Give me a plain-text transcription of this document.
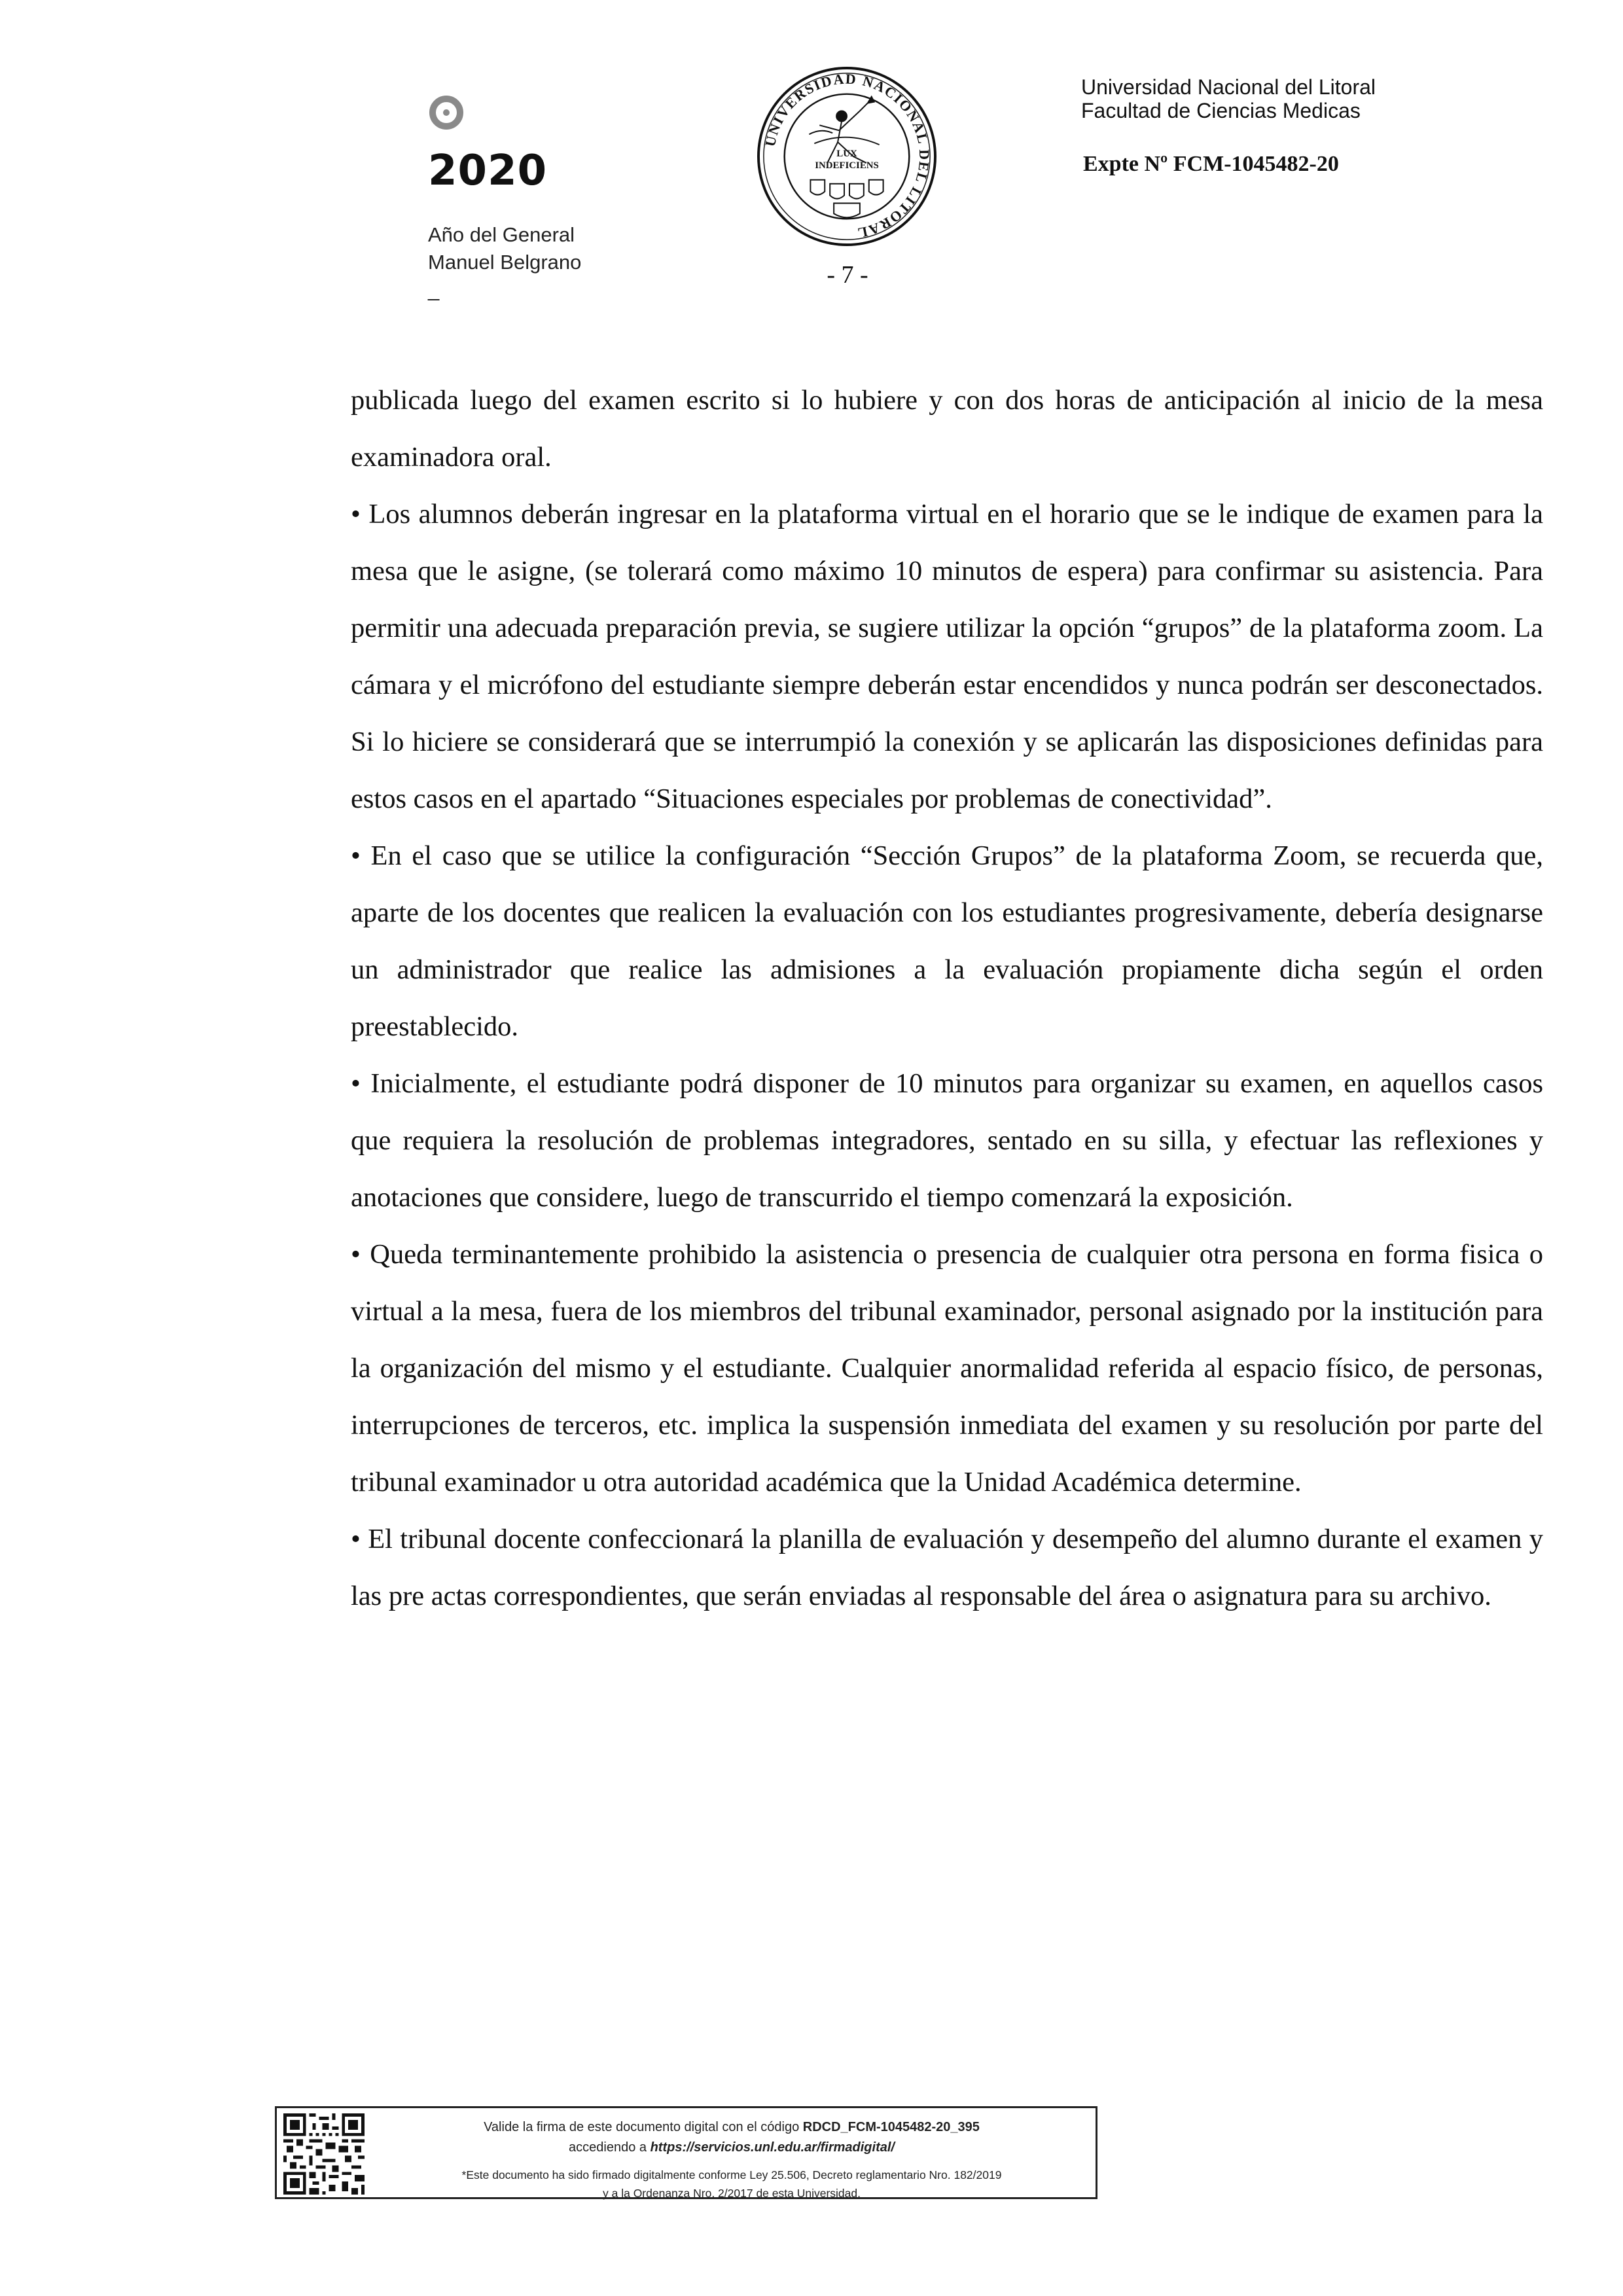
2020
Año del General
Manuel Belgrano
_
UNIVERSIDAD NACIONAL DEL LITORAL
LUX
INDEFICIENS
- 7 -
Universidad Nacional del Litoral
Facultad de Ciencias Medicas
Expte Nº FCM-1045482-20

publicada luego del examen escrito si lo hubiere y con dos horas de anticipación al inicio de la mesa examinadora oral.

• Los alumnos deberán ingresar en la plataforma virtual en el horario que se le indique de examen para la mesa que le asigne, (se tolerará como máximo 10 minutos de espera) para confirmar su asistencia. Para permitir una adecuada preparación previa, se sugiere utilizar la opción “grupos” de la plataforma zoom. La cámara y el micrófono del estudiante siempre deberán estar encendidos y nunca podrán ser desconectados. Si lo hiciere se considerará que se interrumpió la conexión y se aplicarán las disposiciones definidas para estos casos en el apartado “Situaciones especiales por problemas de conectividad”.

• En el caso que se utilice la configuración “Sección Grupos” de la plataforma Zoom, se recuerda que, aparte de los docentes que realicen la evaluación con los estudiantes progresivamente, debería designarse un administrador que realice las admisiones a la evaluación propiamente dicha según el orden preestablecido.

• Inicialmente, el estudiante podrá disponer de 10 minutos para organizar su examen, en aquellos casos que requiera la resolución de problemas integradores, sentado en su silla, y efectuar las reflexiones y anotaciones que considere, luego de transcurrido el tiempo comenzará la exposición.

• Queda terminantemente prohibido la asistencia o presencia de cualquier otra persona en forma fisica o virtual a la mesa, fuera de los miembros del tribunal examinador, personal asignado por la institución para la organización del mismo y el estudiante. Cualquier anormalidad referida al espacio físico, de personas, interrupciones de terceros, etc. implica la suspensión inmediata del examen y su resolución por parte del tribunal examinador u otra autoridad académica que la Unidad Académica determine.

• El tribunal docente confeccionará la planilla de evaluación y desempeño del alumno durante el examen y las pre actas correspondientes, que serán enviadas al responsable del área o asignatura para su archivo.

Valide la firma de este documento digital con el código RDCD_FCM-1045482-20_395
accediendo a https://servicios.unl.edu.ar/firmadigital/
*Este documento ha sido firmado digitalmente conforme Ley 25.506, Decreto reglamentario Nro. 182/2019
y a la Ordenanza Nro. 2/2017 de esta Universidad.
